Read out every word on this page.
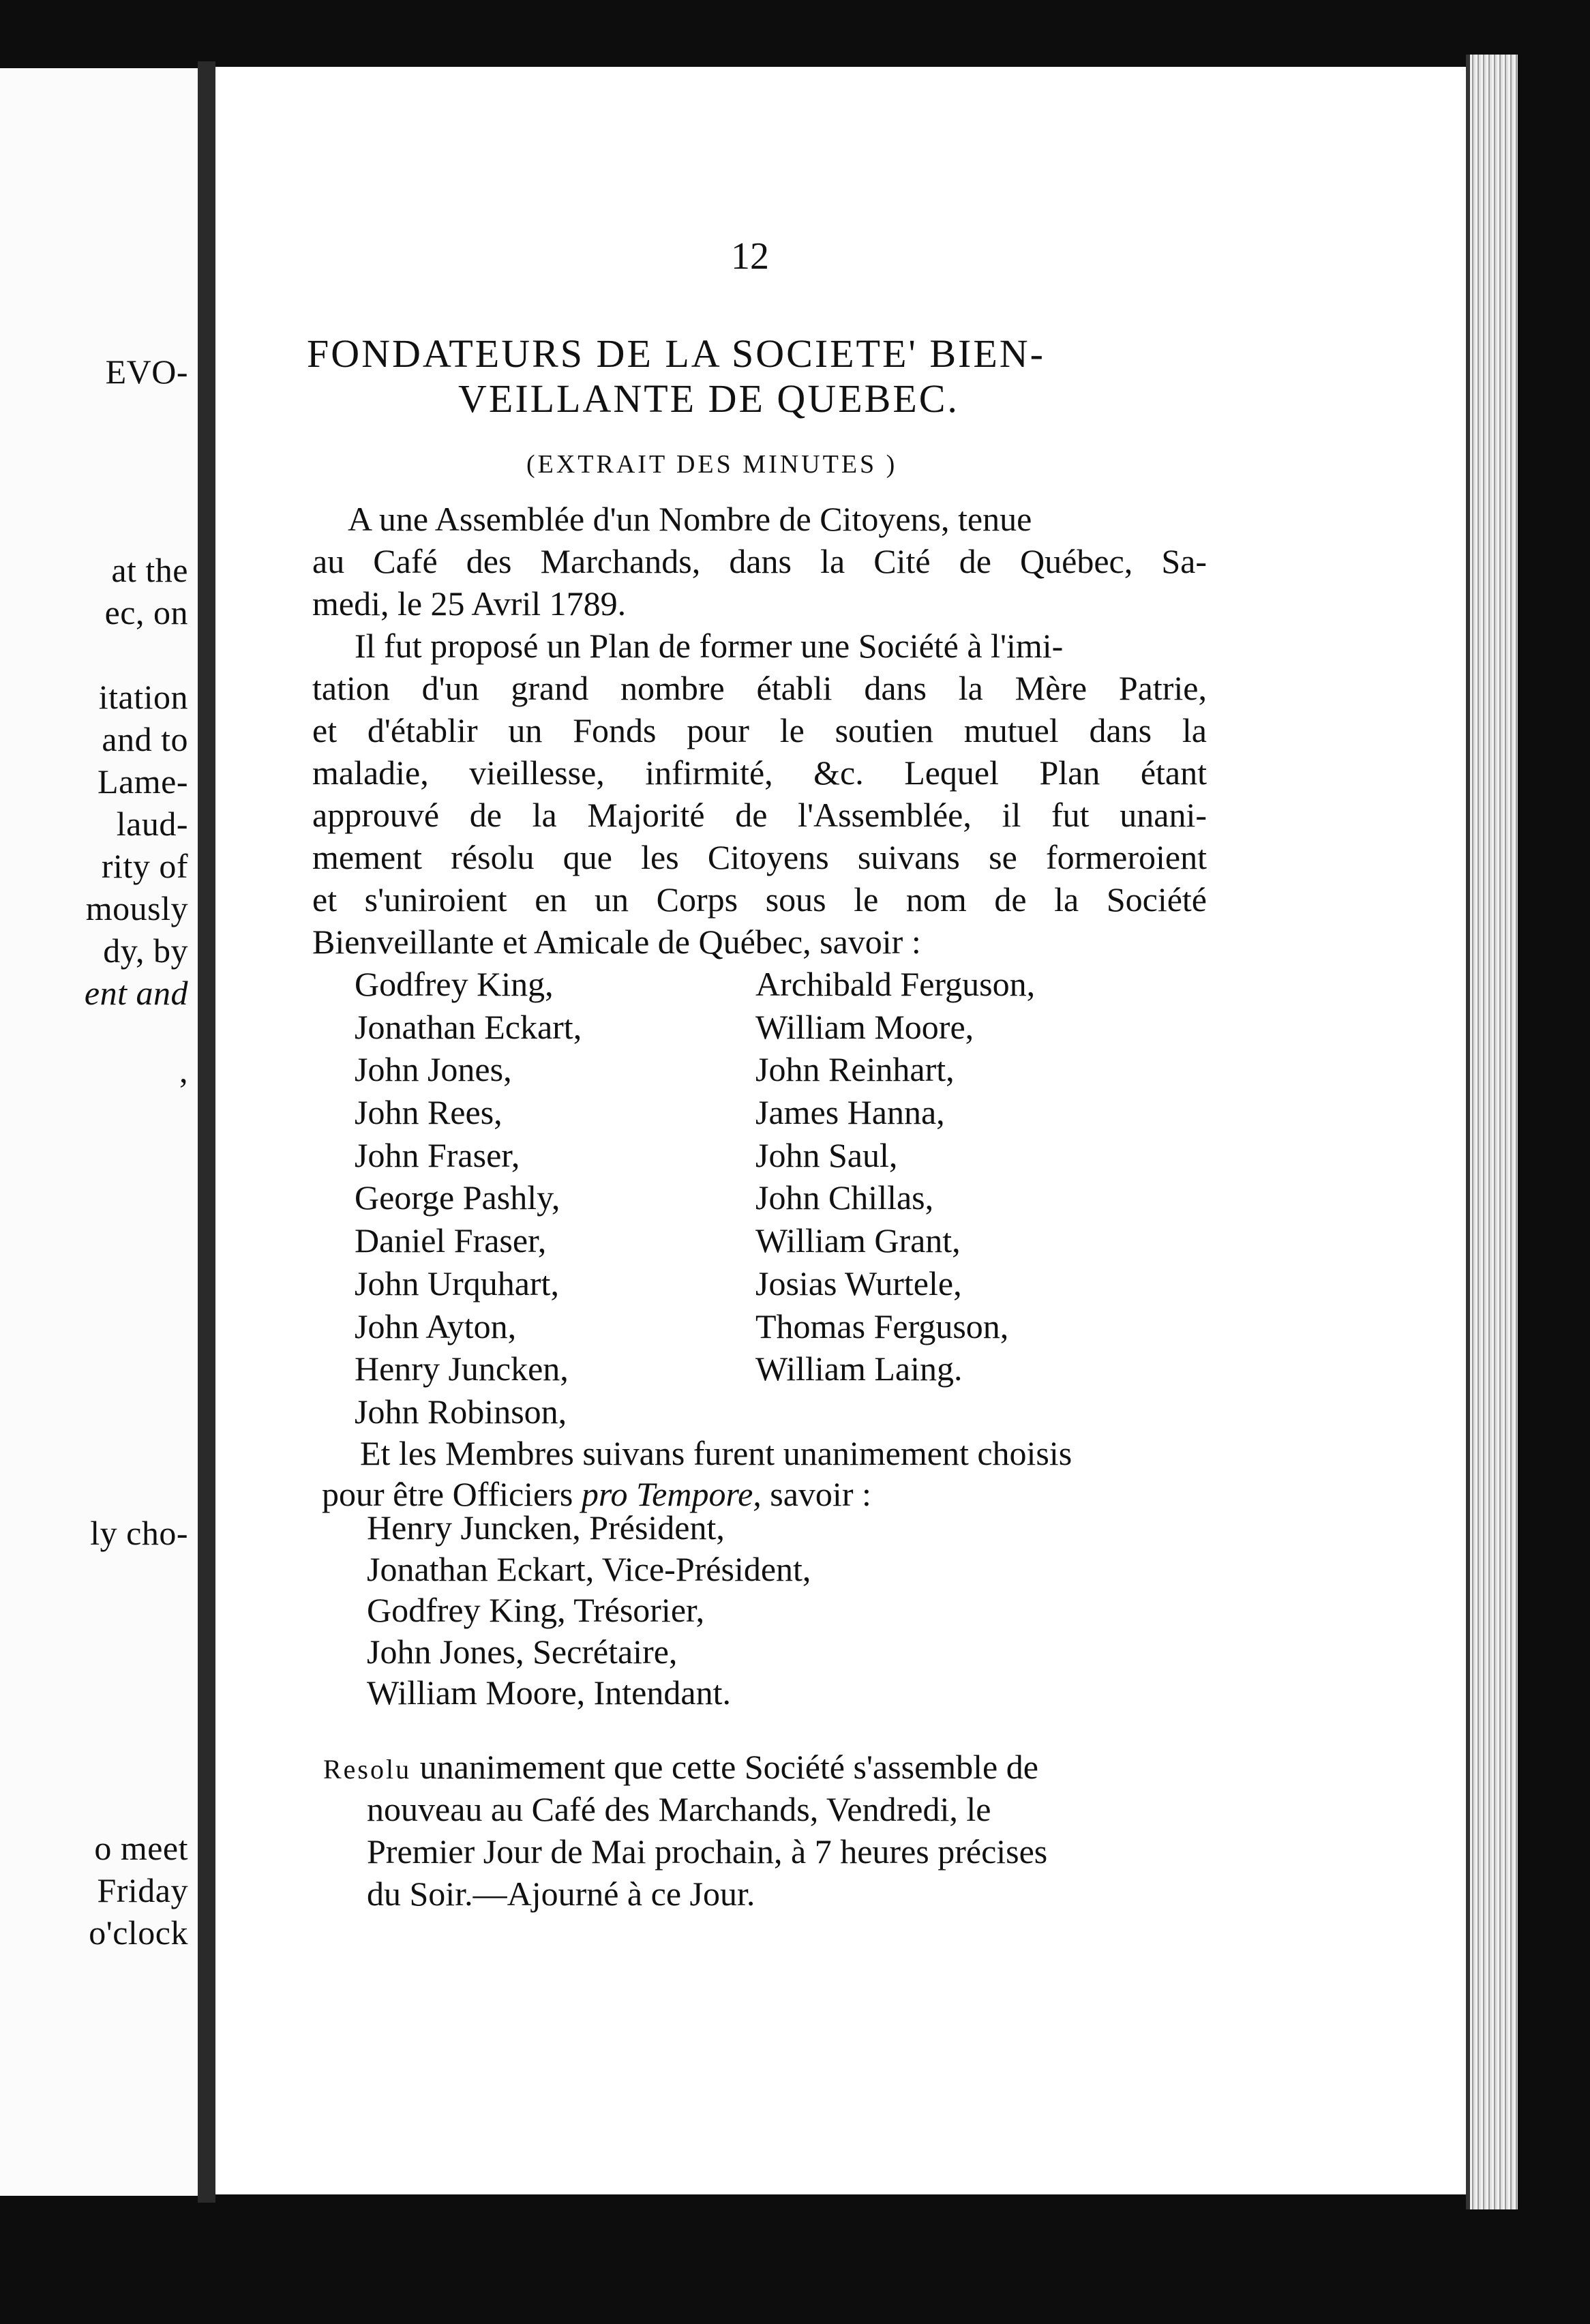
EVO-
at the
ec, on
itation
and to
Lame-
laud-
rity of
mously
dy, by
ent and
,
ly cho-
o meet
Friday
o'clock
12
FONDATEURS DE LA SOCIETE' BIEN-
VEILLANTE DE QUEBEC.
(EXTRAIT DES MINUTES )
A une Assemblée d'un Nombre de Citoyens, tenue
au Café des Marchands, dans la Cité de Québec, Sa-
medi, le 25 Avril 1789.
Il fut proposé un Plan de former une Société à l'imi-
tation d'un grand nombre établi dans la Mère Patrie,
et d'établir un Fonds pour le soutien mutuel dans la
maladie, vieillesse, infirmité, &c. Lequel Plan étant
approuvé de la Majorité de l'Assemblée, il fut unani-
mement résolu que les Citoyens suivans se formeroient
et s'uniroient en un Corps sous le nom de la Société
Bienveillante et Amicale de Québec, savoir :
Godfrey King,
Jonathan Eckart,
John Jones,
John Rees,
John Fraser,
George Pashly,
Daniel Fraser,
John Urquhart,
John Ayton,
Henry Juncken,
John Robinson,
Archibald Ferguson,
William Moore,
John Reinhart,
James Hanna,
John Saul,
John Chillas,
William Grant,
Josias Wurtele,
Thomas Ferguson,
William Laing.
Et les Membres suivans furent unanimement choisis
pour être Officiers pro Tempore, savoir :
Henry Juncken, Président,
Jonathan Eckart, Vice-Président,
Godfrey King, Trésorier,
John Jones, Secrétaire,
William Moore, Intendant.
Resolu unanimement que cette Société s'assemble de
nouveau au Café des Marchands, Vendredi, le
Premier Jour de Mai prochain, à 7 heures précises
du Soir.—Ajourné à ce Jour.
